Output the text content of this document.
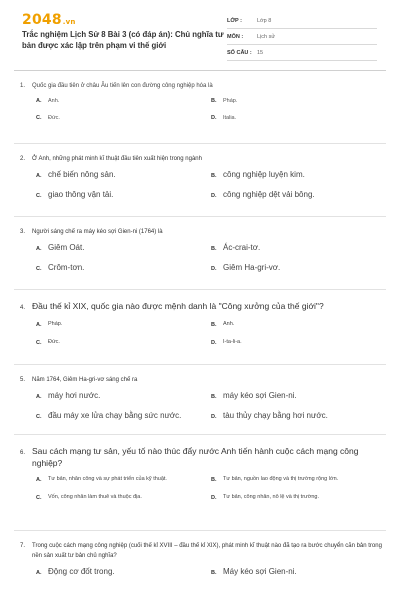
2048.vn
Trắc nghiệm Lịch Sử 8 Bài 3 (có đáp án): Chủ nghĩa tư bản được xác lập trên phạm vi thế giới
LỚP :	Lớp 8
MÔN :	Lịch sử
SỐ CÂU : 15
1.	Quốc gia đầu tiên ở châu Âu tiến lên con đường công nghiệp hóa là
A.	Anh.	B.	Pháp.
C.	Đức.	D.	Italia.
2.	Ở Anh, những phát minh kĩ thuật đầu tiên xuất hiện trong ngành
A. chế biến nông sản.	B. công nghiệp luyện kim.
C. giao thông vận tải.	D. công nghiệp dệt vải bông.
3.	Người sáng chế ra máy kéo sợi Gien-ni (1764) là
A. Giêm Oát.	B. Ác-crai-tơ.
C. Crôm-tơn.	D. Giêm Ha-gri-vơ.
4. Đầu thế kỉ XIX, quốc gia nào được mệnh danh là "Công xưởng của thế giới"?
A.	Pháp.	B.	Anh.
C.	Đức.	D.	I-ta-li-a.
5.	Năm 1764, Giêm Ha-gri-vơ sáng chế ra
A. máy hơi nước.	B. máy kéo sợi Gien-ni.
C. đầu máy xe lửa chạy bằng sức nước.	D. tàu thủy chạy bằng hơi nước.
6. Sau cách mạng tư sản, yếu tố nào thúc đẩy nước Anh tiến hành cuộc cách mạng công nghiệp?
A.	Tư bản, nhân công và sự phát triển của kỹ thuật.	B.	Tư bản, nguồn lao động và thị trường rộng lớn.
C.	Vốn, công nhân làm thuê và thuộc địa.	D.	Tư bản, công nhân, nô lệ và thị trường.
7.	Trong cuộc cách mạng công nghiệp (cuối thế kỉ XVIII – đầu thế kỉ XIX), phát minh kĩ thuật nào đã tạo ra bước chuyển căn bản trong nền sản xuất tư bản chủ nghĩa?
A. Động cơ đốt trong.	B. Máy kéo sợi Gien-ni.
